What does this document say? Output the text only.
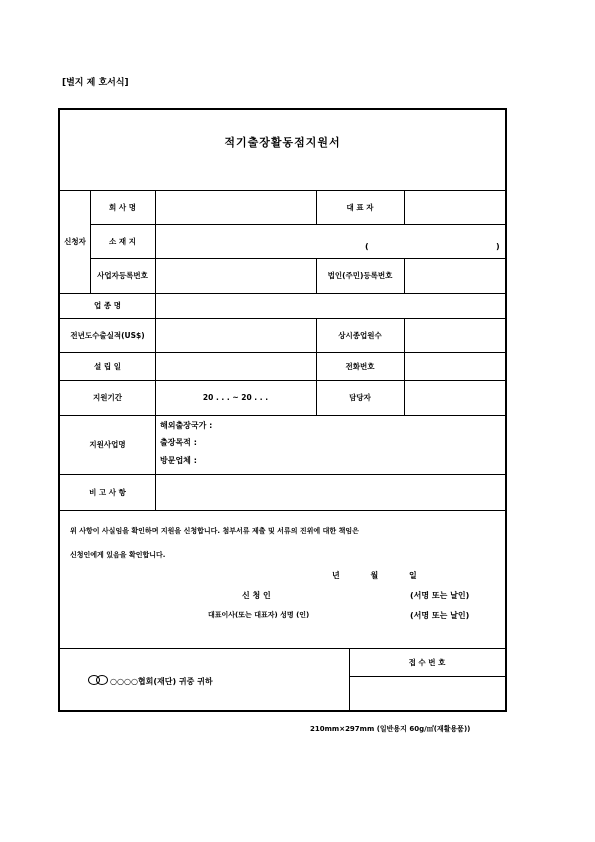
[별지 제 호서식]
적기출장활동점지원서
신청자
회 사 명	대 표 자
소 재 지
(	)
사업자등록번호	법인(주민)등록번호
업 종 명
전년도수출실적(US$)	상시종업원수
설 립 일	전화번호
지원기간	20 . . . ~ 20 . . .	담당자
지원사업명
해외출장국가 :
출장목적 :
방문업체 :
비 고 사 항
위 사항이 사실임을 확인하며 지원을 신청합니다. 첨부서류 제출 및 서류의 진위에 대한 책임은
신청인에게 있음을 확인합니다.
년 월 일
신 청 인	(서명 또는 날인)
대표이사(또는 대표자) 성명 (인)	(서명 또는 날인)
○○○○협회(재단) 귀중 귀하
접 수 번 호
210mm×297mm (일반용지 60g/㎡(재활용품))
